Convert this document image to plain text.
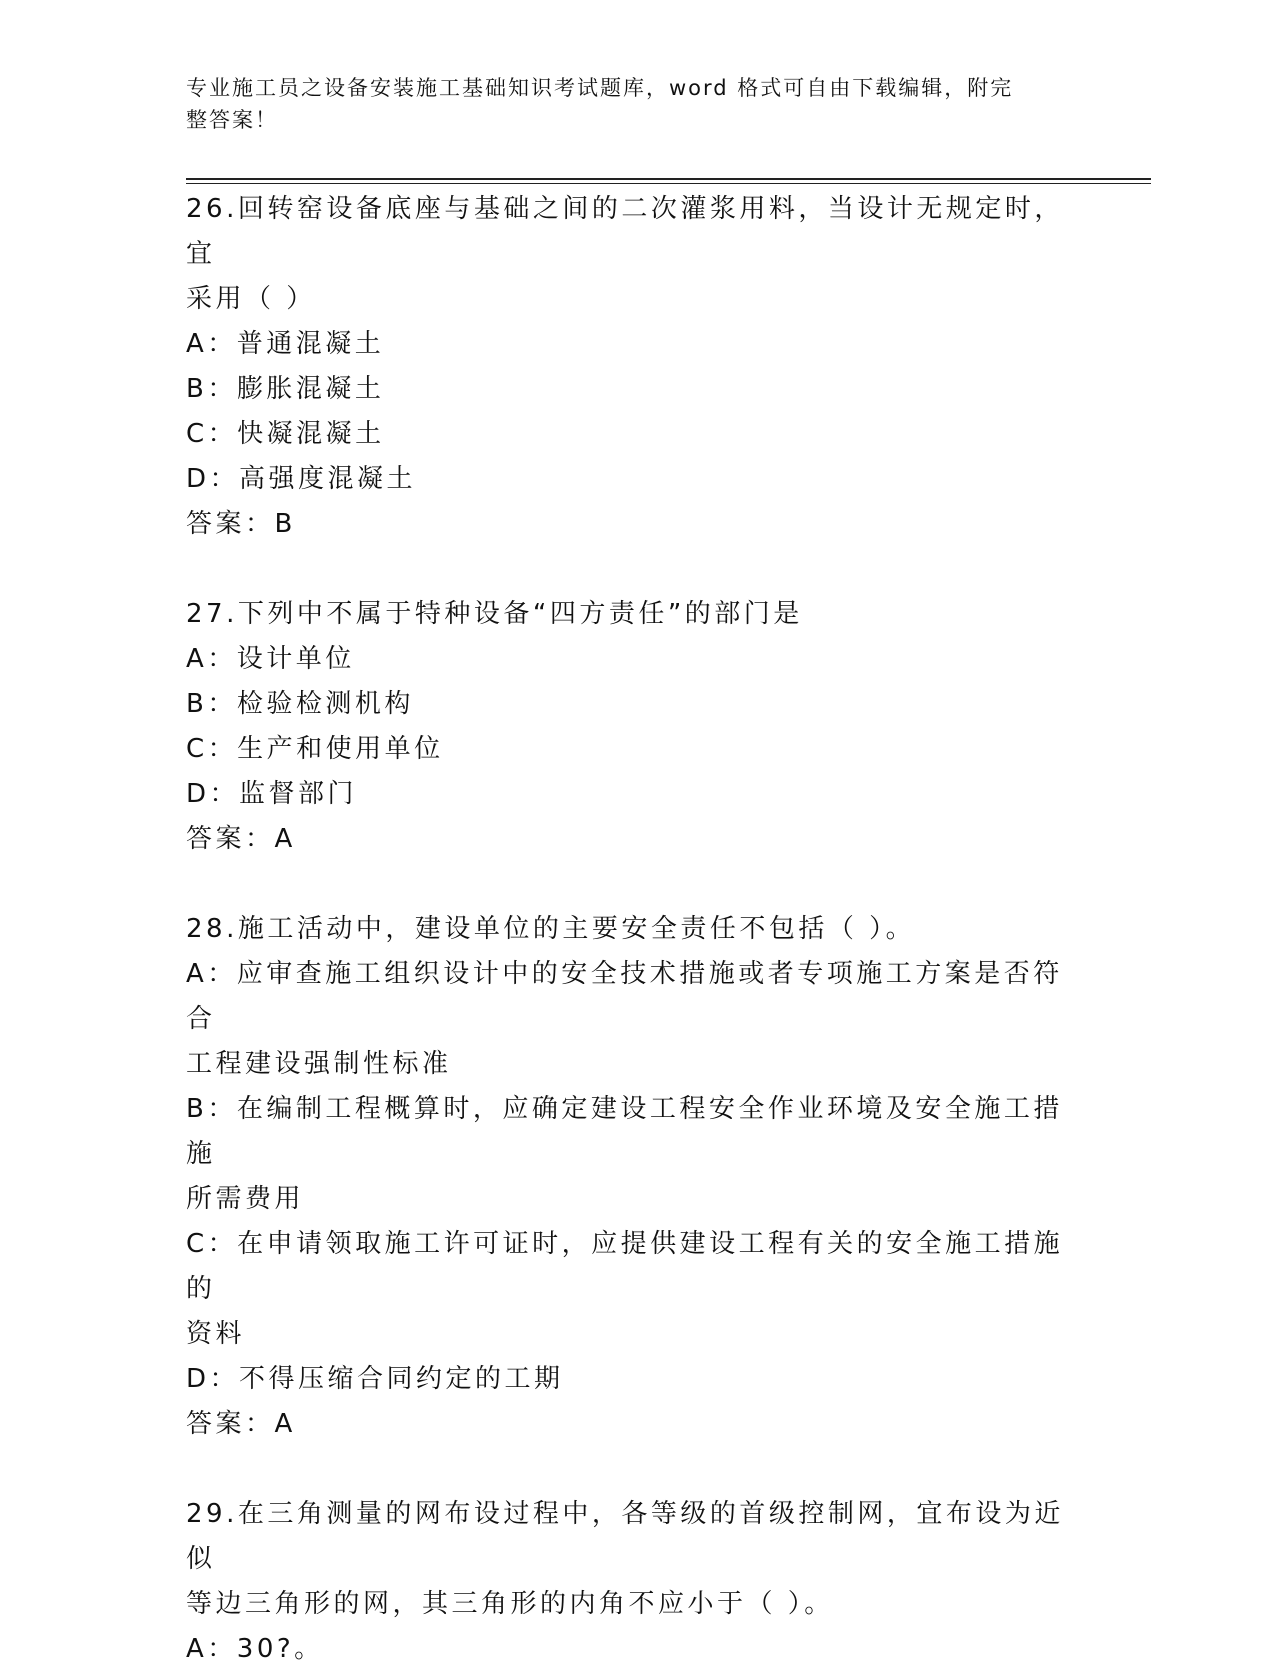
专业施工员之设备安装施工基础知识考试题库，word 格式可自由下载编辑，附完
整答案！
26.回转窑设备底座与基础之间的二次灌浆用料，当设计无规定时，宜
采用（ ）
A：普通混凝土
B：膨胀混凝土
C：快凝混凝土
D：高强度混凝土
答案：B
27.下列中不属于特种设备“四方责任”的部门是
A：设计单位
B：检验检测机构
C：生产和使用单位
D：监督部门
答案：A
28.施工活动中，建设单位的主要安全责任不包括（ ）。
A：应审查施工组织设计中的安全技术措施或者专项施工方案是否符合
工程建设强制性标准
B：在编制工程概算时，应确定建设工程安全作业环境及安全施工措施
所需费用
C：在申请领取施工许可证时，应提供建设工程有关的安全施工措施的
资料
D：不得压缩合同约定的工期
答案：A
29.在三角测量的网布设过程中，各等级的首级控制网，宜布设为近似
等边三角形的网，其三角形的内角不应小于（ ）。
A：30?。
